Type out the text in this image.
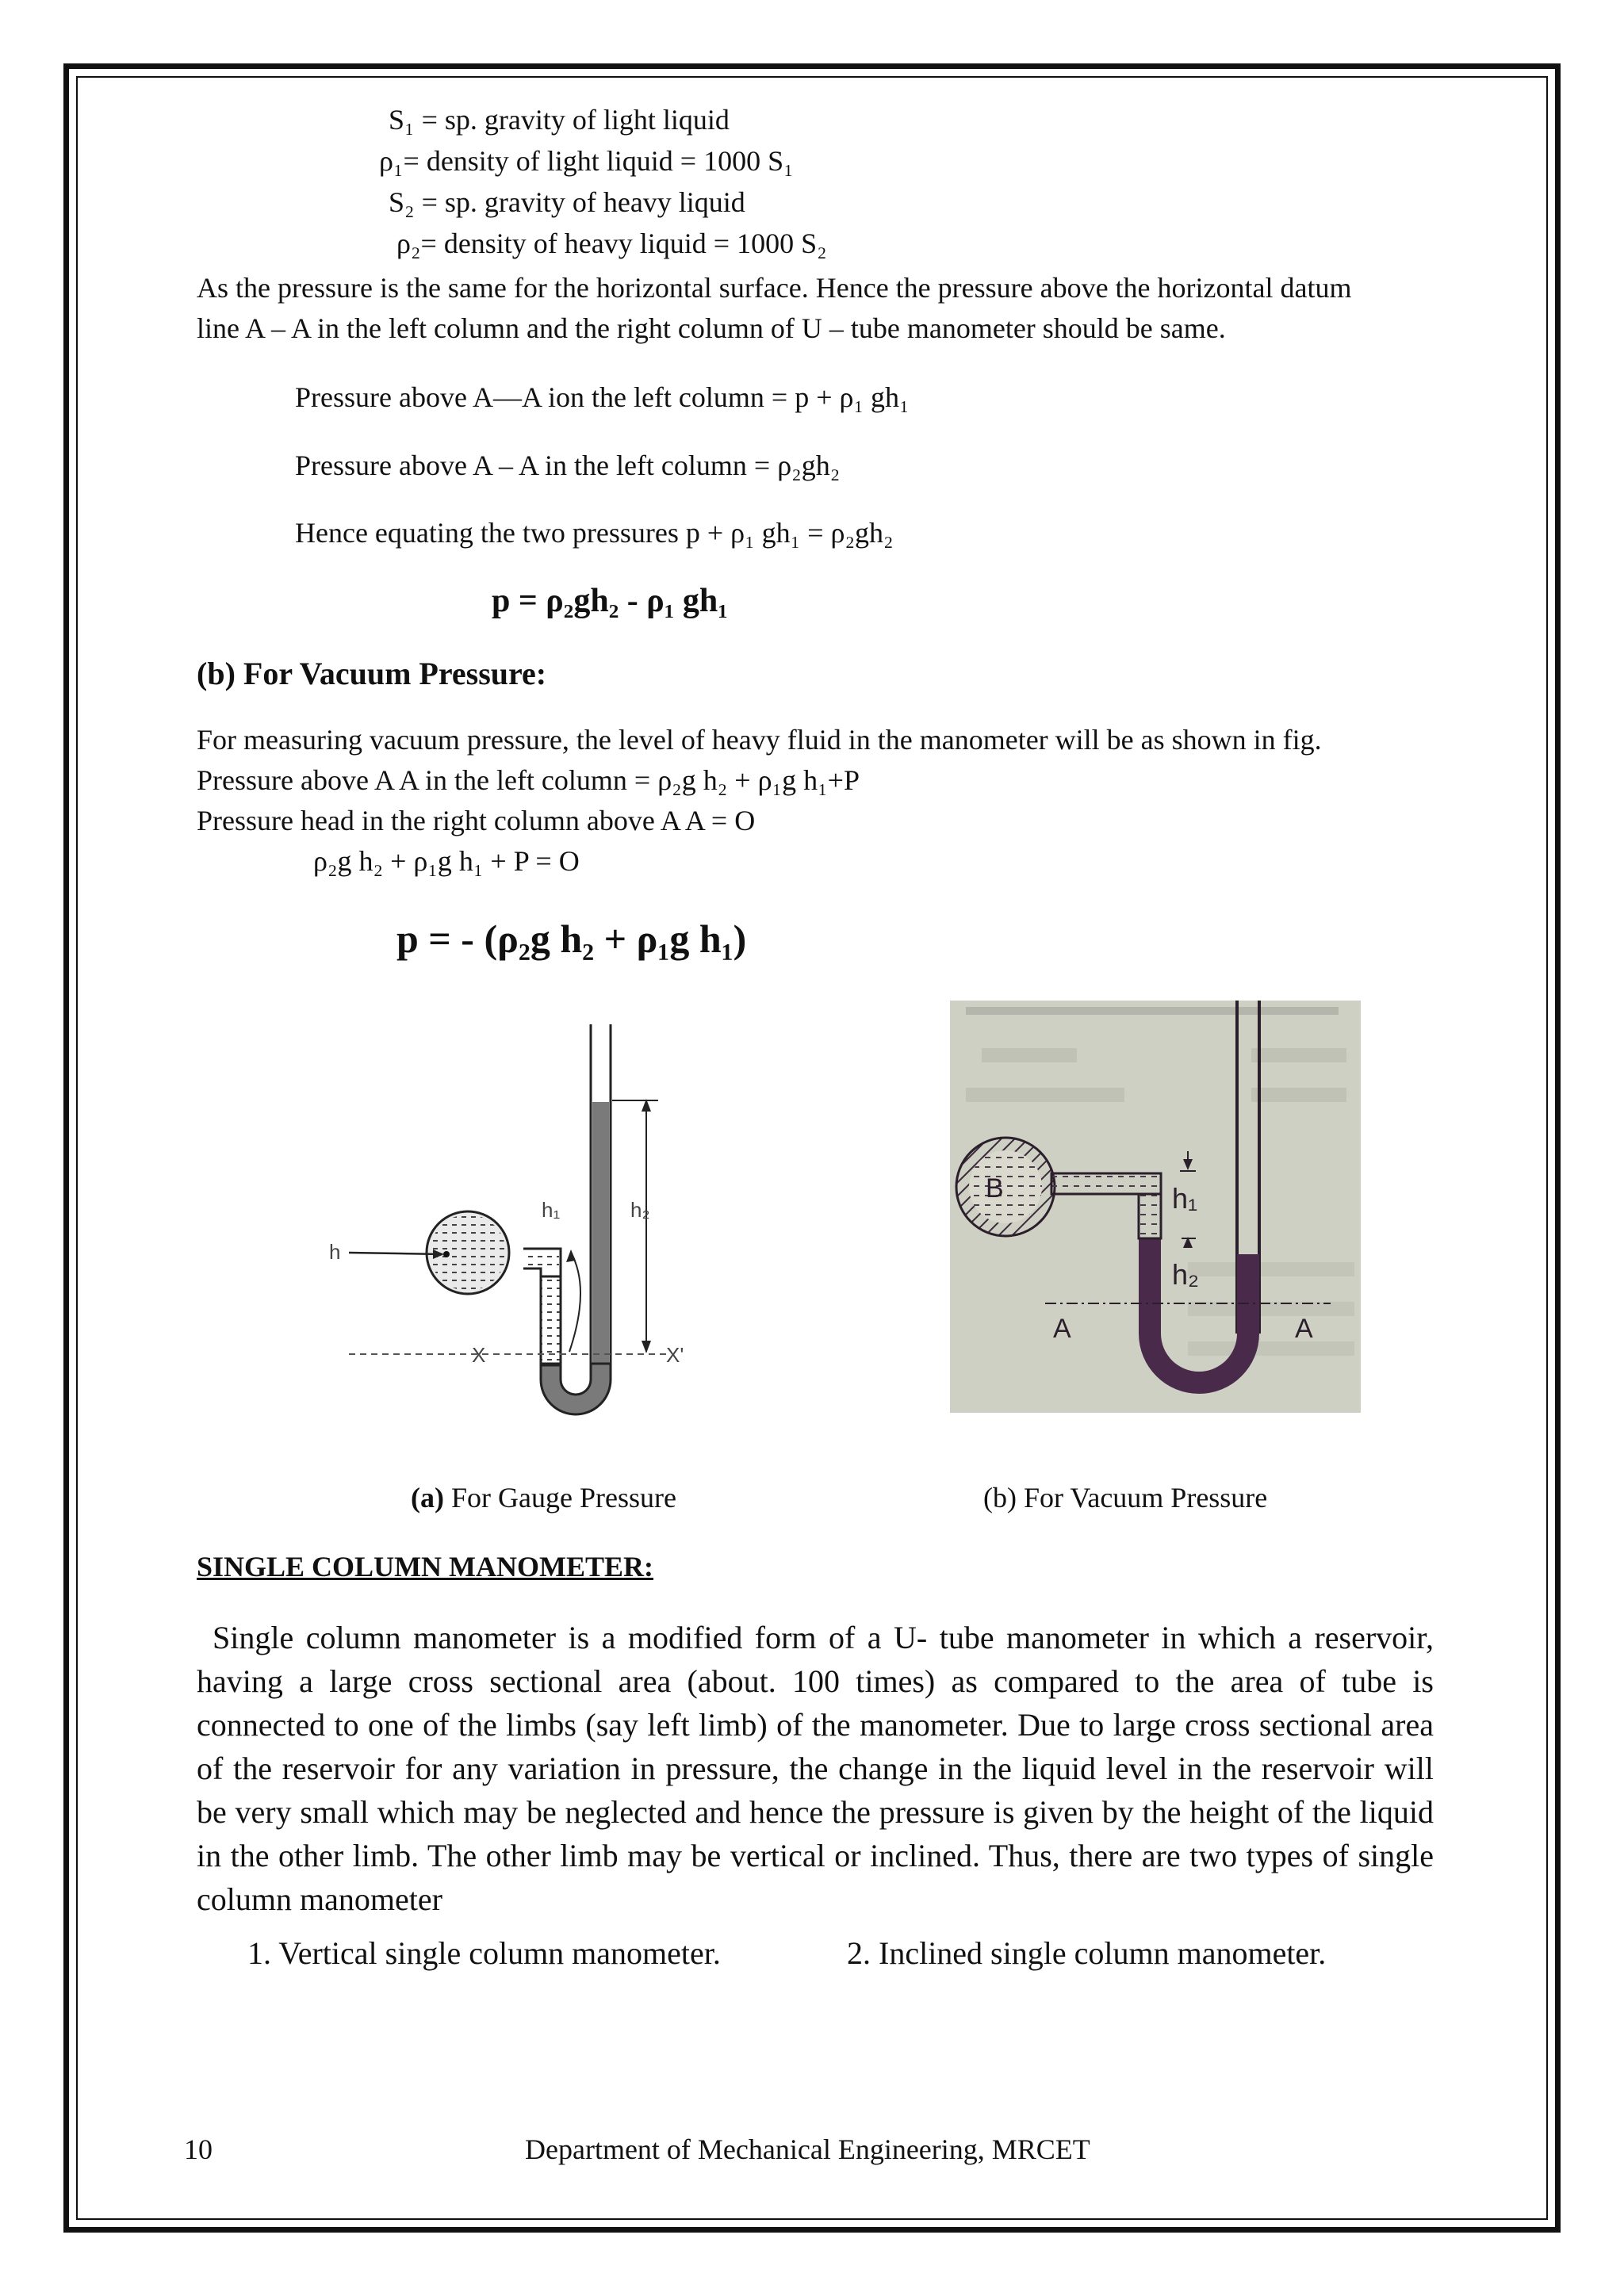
S₁ = sp. gravity of light liquid
ρ₁= density of light liquid = 1000 S₁
S₂ = sp. gravity of heavy liquid
ρ₂= density of heavy liquid = 1000 S₂
As the pressure is the same for the horizontal surface. Hence the pressure above the horizontal datum
line A – A in the left column and the right column of U – tube manometer should be same.
Pressure above A—A ion the left column = p + ρ₁ gh₁
Pressure above A – A in the left column = ρ₂gh₂
Hence equating the two pressures p + ρ₁ gh₁ = ρ₂gh₂
p = ρ₂gh₂ - ρ₁ gh₁
(b) For Vacuum Pressure:
For measuring vacuum pressure, the level of heavy fluid in the manometer will be as shown in fig.
Pressure above A A in the left column = ρ₂g h₂ + ρ₁g h₁+P
Pressure head in the right column above A A = O
ρ₂g h₂ + ρ₁g h₁ + P = O
p = - (ρ₂g h₂ + ρ₁g h₁)
h₁	h₂
h
X	X'
B	h₁
h₂
A	A
(a) For Gauge Pressure	(b) For Vacuum Pressure
SINGLE COLUMN MANOMETER:
Single column manometer is a modified form of a U- tube manometer in which a reservoir, having a large cross sectional area (about. 100 times) as compared to the area of tube is connected to one of the limbs (say left limb) of the manometer. Due to large cross sectional area of the reservoir for any variation in pressure, the change in the liquid level in the reservoir will be very small which may be neglected and hence the pressure is given by the height of the liquid in the other limb. The other limb may be vertical or inclined. Thus, there are two types of single column manometer
1. Vertical single column manometer.	2. Inclined single column manometer.
10	Department of Mechanical Engineering, MRCET
